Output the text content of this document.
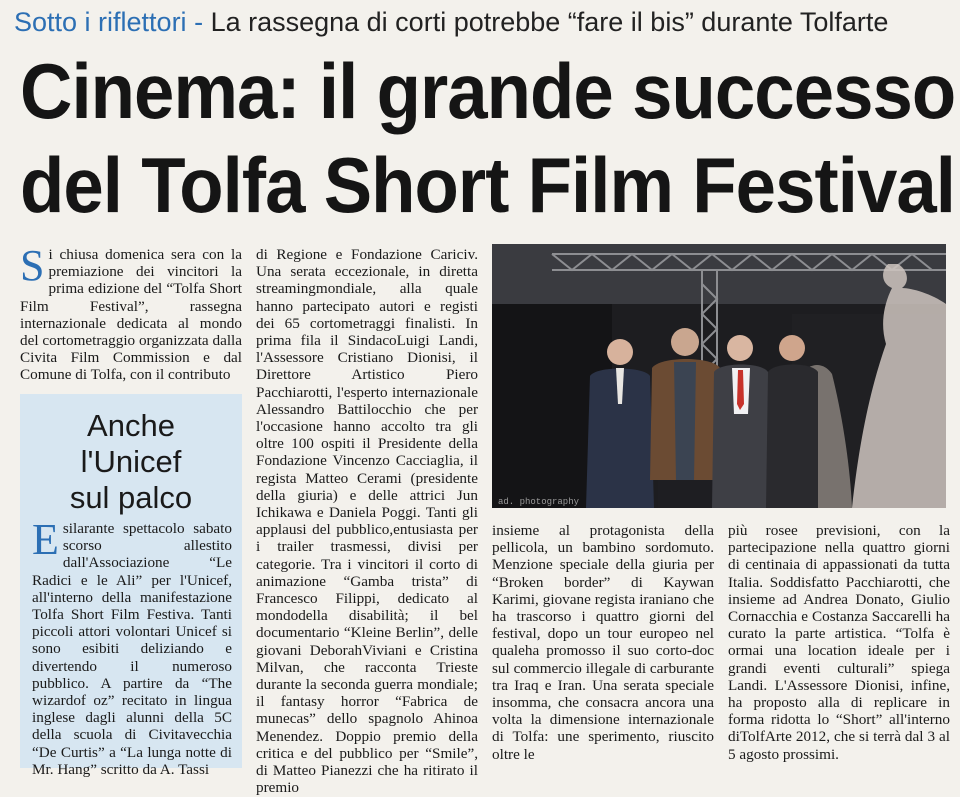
Sotto i riflettori - La rassegna di corti potrebbe “fare il bis” durante Tolfarte
Cinema: il grande successo
del Tolfa Short Film Festival
S i chiusa domenica sera con la premiazione dei vincitori la prima edizione del “Tolfa Short Film Festival”, rassegna internazionale dedicata al mondo del cortometraggio organizzata dalla Civita Film Commission e dal Comune di Tolfa, con il contributo

Anche
l'Unicef
sul palco
E silarante spettacolo sabato scorso allestito dall'Associazione “Le Radici e le Ali” per l'Unicef, all'interno della manifestazione Tolfa Short Film Festiva. Tanti piccoli attori volontari Unicef si sono esibiti deliziando e divertendo il numeroso pubblico. A partire da “The wizardof oz” recitato in lingua inglese dagli alunni della 5C della scuola di Civitavecchia “De Curtis” a “La lunga notte di Mr. Hang” scritto da A. Tassi

di Regione e Fondazione Cariciv. Una serata eccezionale, in diretta streamingmondiale, alla quale hanno partecipato autori e registi dei 65 cortometraggi finalisti. In prima fila il SindacoLuigi Landi, l'Assessore Cristiano Dionisi, il Direttore Artistico Piero Pacchiarotti, l'esperto internazionale Alessandro Battilocchio che per l'occasione hanno accolto tra gli oltre 100 ospiti il Presidente della Fondazione Vincenzo Cacciaglia, il regista Matteo Cerami (presidente della giuria) e delle attrici Jun Ichikawa e Daniela Poggi. Tanti gli applausi del pubblico,entusiasta per i trailer trasmessi, divisi per categorie. Tra i vincitori il corto di animazione “Gamba trista” di Francesco Filippi, dedicato al mondodella disabilità; il bel documentario “Kleine Berlin”, delle giovani DeborahViviani e Cristina Milvan, che racconta Trieste durante la seconda guerra mondiale; il fantasy horror “Fabrica de munecas” dello spagnolo Ahinoa Menendez. Doppio premio della critica e del pubblico per “Smile”, di Matteo Pianezzi che ha ritirato il premio

ad. photography

insieme al protagonista della pellicola, un bambino sordomuto. Menzione speciale della giuria per “Broken border” di Kaywan Karimi, giovane regista iraniano che ha trascorso i quattro giorni del festival, dopo un tour europeo nel qualeha promosso il suo corto-doc sul commercio illegale di carburante tra Iraq e Iran. Una serata speciale insomma, che consacra ancora una volta la dimensione internazionale di Tolfa: une sperimento, riuscito oltre le

più rosee previsioni, con la partecipazione nella quattro giorni di centinaia di appassionati da tutta Italia. Soddisfatto Pacchiarotti, che insieme ad Andrea Donato, Giulio Cornacchia e Costanza Saccarelli ha curato la parte artistica. “Tolfa è ormai una location ideale per i grandi eventi culturali” spiega Landi. L'Assessore Dionisi, infine, ha proposto alla di replicare in forma ridotta lo “Short” all'interno diTolfArte 2012, che si terrà dal 3 al 5 agosto prossimi.
